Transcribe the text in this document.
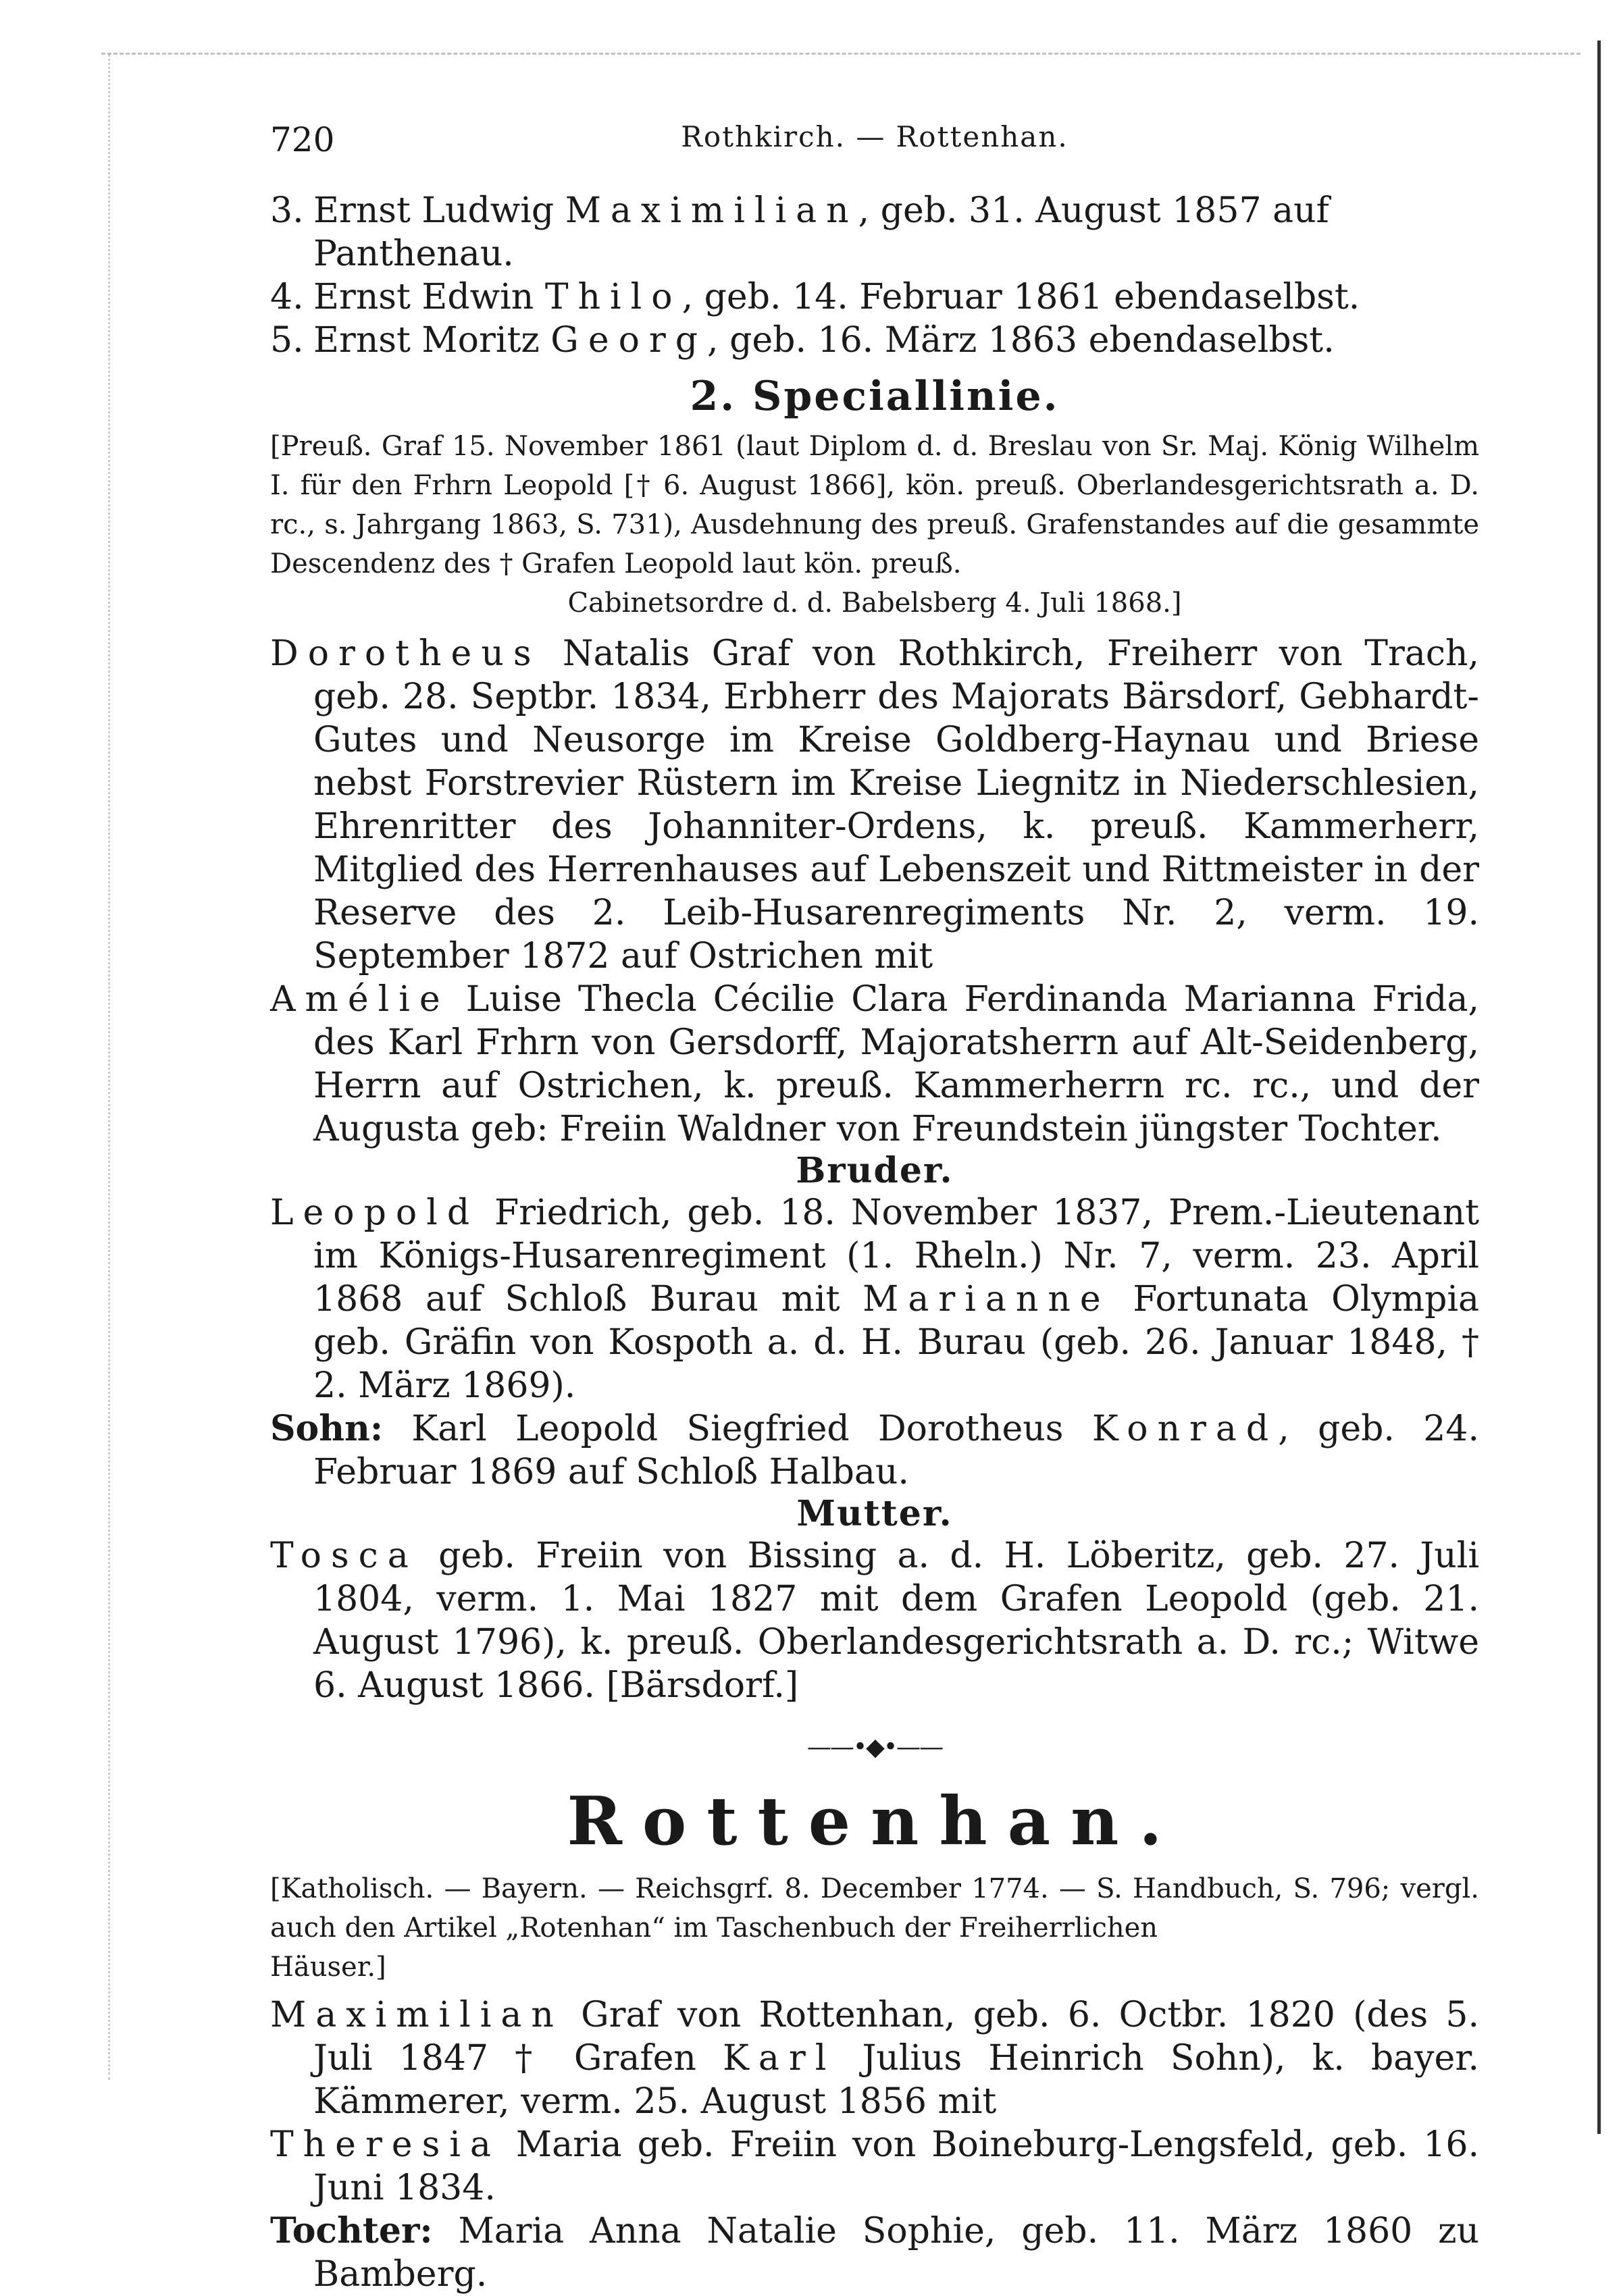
720	Rothkirch. — Rottenhan.

3. Ernst Ludwig Maximilian, geb. 31. August 1857 auf Panthenau.

4. Ernst Edwin Thilo, geb. 14. Februar 1861 ebendaselbst.

5. Ernst Moritz Georg, geb. 16. März 1863 ebendaselbst.

2. Speciallinie.

[Preuß. Graf 15. November 1861 (laut Diplom d. d. Breslau von Sr. Maj. König Wilhelm I. für den Frhrn Leopold [† 6. August 1866], kön. preuß. Oberlandesgerichtsrath a. D. rc., s. Jahrgang 1863, S. 731), Ausdehnung des preuß. Grafenstandes auf die gesammte Descendenz des † Grafen Leopold laut kön. preuß.

Cabinetsordre d. d. Babelsberg 4. Juli 1868.]

Dorotheus Natalis Graf von Rothkirch, Freiherr von Trach, geb. 28. Septbr. 1834, Erbherr des Majorats Bärsdorf, Gebhardt-Gutes und Neusorge im Kreise Goldberg-Haynau und Briese nebst Forstrevier Rüstern im Kreise Liegnitz in Niederschlesien, Ehrenritter des Johanniter-Ordens, k. preuß. Kammerherr, Mitglied des Herrenhauses auf Lebenszeit und Rittmeister in der Reserve des 2. Leib-Husarenregiments Nr. 2, verm. 19. September 1872 auf Ostrichen mit

Amélie Luise Thecla Cécilie Clara Ferdinanda Marianna Frida, des Karl Frhrn von Gersdorff, Majoratsherrn auf Alt-Seidenberg, Herrn auf Ostrichen, k. preuß. Kammerherrn rc. rc., und der Augusta geb: Freiin Waldner von Freundstein jüngster Tochter.

Bruder.

Leopold Friedrich, geb. 18. November 1837, Prem.-Lieutenant im Königs-Husarenregiment (1. Rheln.) Nr. 7, verm. 23. April 1868 auf Schloß Burau mit Marianne Fortunata Olympia geb. Gräfin von Kospoth a. d. H. Burau (geb. 26. Januar 1848, † 2. März 1869).

Sohn: Karl Leopold Siegfried Dorotheus Konrad, geb. 24. Februar 1869 auf Schloß Halbau.

Mutter.

Tosca geb. Freiin von Bissing a. d. H. Löberitz, geb. 27. Juli 1804, verm. 1. Mai 1827 mit dem Grafen Leopold (geb. 21. August 1796), k. preuß. Oberlandesgerichtsrath a. D. rc.; Witwe 6. August 1866. [Bärsdorf.]

——•◆•——
Rottenhan.

[Katholisch. — Bayern. — Reichsgrf. 8. December 1774. — S. Handbuch, S. 796; vergl. auch den Artikel „Rotenhan“ im Taschenbuch der Freiherrlichen

Häuser.]

Maximilian Graf von Rottenhan, geb. 6. Octbr. 1820 (des 5. Juli 1847 † Grafen Karl Julius Heinrich Sohn), k. bayer. Kämmerer, verm. 25. August 1856 mit

Theresia Maria geb. Freiin von Boineburg-Lengsfeld, geb. 16. Juni 1834.

Tochter: Maria Anna Natalie Sophie, geb. 11. März 1860 zu Bamberg.
